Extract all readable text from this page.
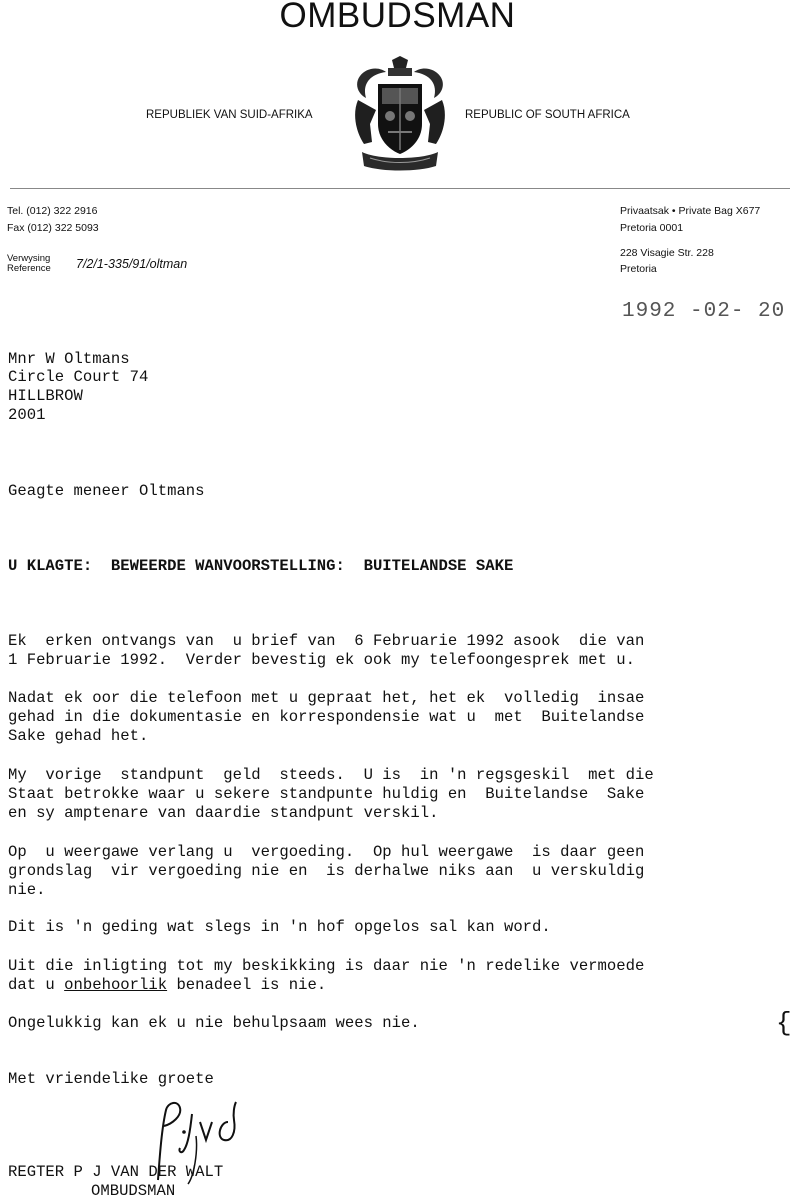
OMBUDSMAN
REPUBLIEK VAN SUID-AFRIKA	REPUBLIC OF SOUTH AFRICA
Tel. (012) 322 2916
Fax (012) 322 5093
Verwysing
Reference 7/2/1-335/91/oltman
Privaatsak • Private Bag X677
Pretoria 0001
228 Visagie Str. 228
Pretoria
1992 -02- 20
Mnr W Oltmans
Circle Court 74
HILLBROW
2001
Geagte meneer Oltmans
U KLAGTE:  BEWEERDE WANVOORSTELLING:  BUITELANDSE SAKE
Ek  erken ontvangs van  u brief van  6 Februarie 1992 asook  die van
1 Februarie 1992.  Verder bevestig ek ook my telefoongesprek met u.
Nadat ek oor die telefoon met u gepraat het, het ek  volledig  insae
gehad in die dokumentasie en korrespondensie wat u  met  Buitelandse
Sake gehad het.
My  vorige  standpunt  geld  steeds.  U is  in 'n regsgeskil  met die
Staat betrokke waar u sekere standpunte huldig en  Buitelandse  Sake
en sy amptenare van daardie standpunt verskil.
Op  u weergawe verlang u  vergoeding.  Op hul weergawe  is daar geen
grondslag  vir vergoeding nie en  is derhalwe niks aan  u verskuldig
nie.
Dit is 'n geding wat slegs in 'n hof opgelos sal kan word.
Uit die inligting tot my beskikking is daar nie 'n redelike vermoede
dat u onbehoorlik benadeel is nie.
Ongelukkig kan ek u nie behulpsaam wees nie.	{
Met vriendelike groete
REGTER P J VAN DER WALT
OMBUDSMAN
